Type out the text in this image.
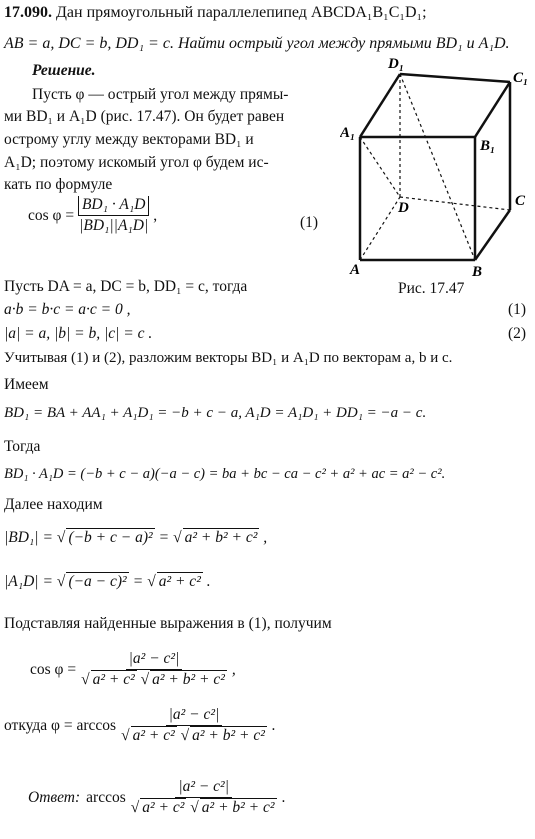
17.090. Дан прямоугольный параллелепипед ABCDA₁B₁C₁D₁;
AB = a, DC = b, DD₁ = c. Найти острый угол между прямыми BD₁ и A₁D.
Решение.
Пусть φ — острый угол между прямы-
ми BD₁ и A₁D (рис. 17.47). Он будет равен
острому углу между векторами BD₁ и
A₁D; поэтому искомый угол φ будем ис-
кать по формуле
$\cos \varphi = \frac{\text{BD₁ · A₁D}}{\text{|BD₁||A₁D|}}$ ,	(1)
A	B
C
D
A₁
B₁
C₁
D₁
Рис. 17.47
Пусть DA = a, DC = b, DD₁ = c, тогда
a·b = b·c = a·c = 0 ,	(1)
|a| = a, |b| = b, |c| = c .	(2)
Учитывая (1) и (2), разложим векторы BD₁ и A₁D по векторам a, b и c.
Имеем
BD₁ = BA + AA₁ + A₁D₁ = −b + c − a, A₁D = A₁D₁ + DD₁ = −a − c.
Тогда
BD₁ · A₁D = (−b + c − a)(−a − c) = ba + bc − ca − c² + a² + ac = a² − c².
Далее находим
|BD₁| = √ (−b + c − a)² = √ a² + b² + c² ,
|A₁D| = √ (−a − c)² = √ a² + c² .
Подставляя найденные выражения в (1), получим
cos φ = |a² − c²|
√ a² + c² √ a² + b² + c² ,
откуда φ = arccos |a² − c²|
√ a² + c² √ a² + b² + c² .
Ответ: arccos |a² − c²|
√ a² + c² √ a² + b² + c² .
